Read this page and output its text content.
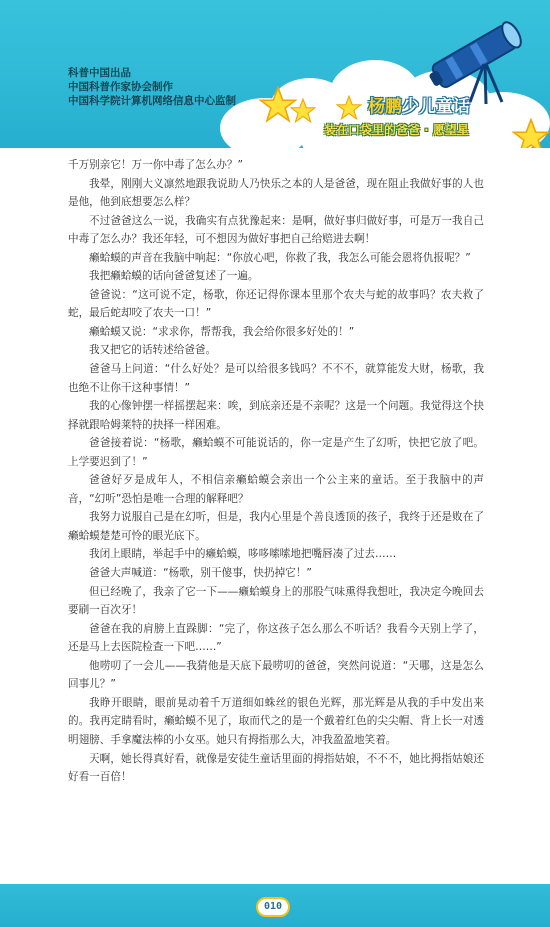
科普中国出品
中国科普作家协会制作
中国科学院计算机网络信息中心监制	杨鹏少儿童话
装在口袋里的爸爸 · 愿望星

千万别亲它！万一你中毒了怎么办？”

我晕，刚刚大义凛然地跟我说助人乃快乐之本的人是爸爸，现在阻止我做好事的人也是他，他到底想要怎么样？

不过爸爸这么一说，我确实有点犹豫起来：是啊，做好事归做好事，可是万一我自己中毒了怎么办？我还年轻，可不想因为做好事把自己给赔进去啊！

癞蛤蟆的声音在我脑中响起：“你放心吧，你救了我，我怎么可能会恩将仇报呢？”

我把癞蛤蟆的话向爸爸复述了一遍。

爸爸说：“这可说不定，杨歌，你还记得你课本里那个农夫与蛇的故事吗？农夫救了蛇，最后蛇却咬了农夫一口！”

癞蛤蟆又说：“求求你，帮帮我，我会给你很多好处的！”

我又把它的话转述给爸爸。

爸爸马上问道：“什么好处？是可以给很多钱吗？不不不，就算能发大财，杨歌，我也绝不让你干这种事情！”

我的心像钟摆一样摇摆起来：唉，到底亲还是不亲呢？这是一个问题。我觉得这个抉择就跟哈姆莱特的抉择一样困难。

爸爸接着说：“杨歌，癞蛤蟆不可能说话的，你一定是产生了幻听，快把它放了吧。上学要迟到了！”

爸爸好歹是成年人，不相信亲癞蛤蟆会亲出一个公主来的童话。至于我脑中的声音，“幻听”恐怕是唯一合理的解释吧？

我努力说服自己是在幻听，但是，我内心里是个善良透顶的孩子，我终于还是败在了癞蛤蟆楚楚可怜的眼光底下。

我闭上眼睛，举起手中的癞蛤蟆，哆哆嗦嗦地把嘴唇凑了过去……

爸爸大声喊道：“杨歌，别干傻事，快扔掉它！”

但已经晚了，我亲了它一下——癞蛤蟆身上的那股气味熏得我想吐，我决定今晚回去要刷一百次牙！

爸爸在我的肩膀上直跺脚：“完了，你这孩子怎么那么不听话？我看今天别上学了，还是马上去医院检查一下吧……”

他唠叨了一会儿——我猜他是天底下最唠叨的爸爸，突然问说道：“天哪，这是怎么回事儿？”

我睁开眼睛，眼前晃动着千万道细如蛛丝的银色光辉，那光辉是从我的手中发出来的。我再定睛看时，癞蛤蟆不见了，取而代之的是一个戴着红色的尖尖帽、背上长一对透明翅膀、手拿魔法棒的小女巫。她只有拇指那么大，冲我盈盈地笑着。

天啊，她长得真好看，就像是安徒生童话里面的拇指姑娘，不不不，她比拇指姑娘还好看一百倍！

010
